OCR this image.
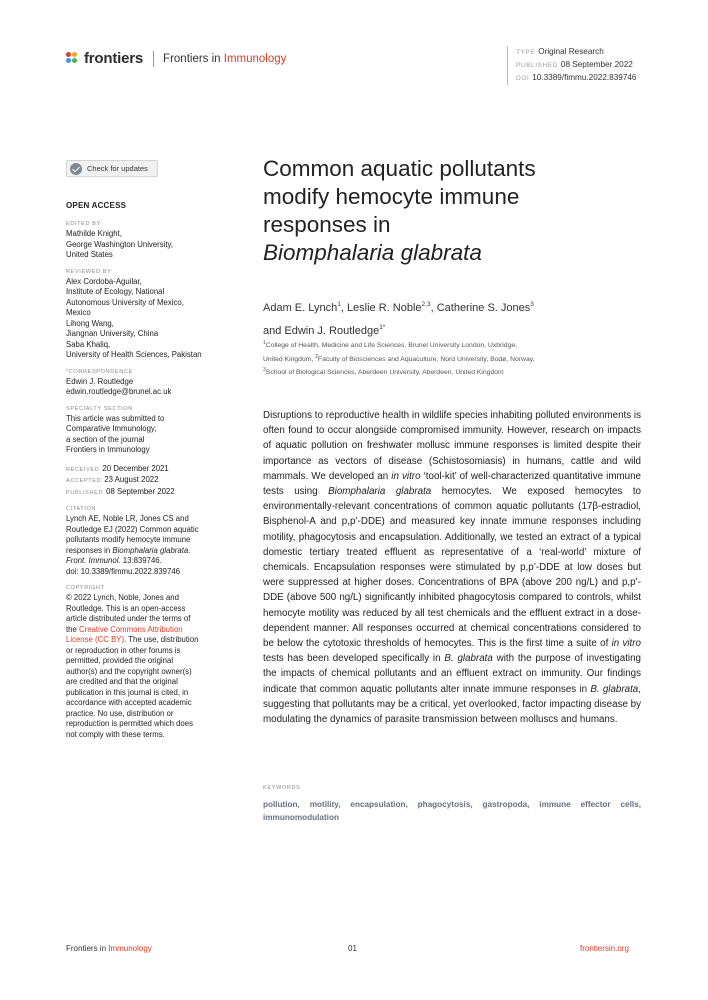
frontiers Frontiers in Immunology	TYPE Original Research
PUBLISHED 08 September 2022
DOI 10.3389/fimmu.2022.839746
Check for updates
OPEN ACCESS
EDITED BY
Mathilde Knight,
George Washington University,
United States
REVIEWED BY
Alex Cordoba-Aguilar,
Institute of Ecology, National
Autonomous University of Mexico,
Mexico
Lihong Wang,
Jiangnan University, China
Saba Khaliq,
University of Health Sciences, Pakistan
*CORRESPONDENCE
Edwin J. Routledge
edwin.routledge@brunel.ac.uk
SPECIALTY SECTION
This article was submitted to
Comparative Immunology,
a section of the journal
Frontiers in Immunology
RECEIVED 20 December 2021
ACCEPTED 23 August 2022
PUBLISHED 08 September 2022
CITATION
Lynch AE, Noble LR, Jones CS and
Routledge EJ (2022) Common aquatic
pollutants modify hemocyte immune
responses in Biomphalaria glabrata.
Front. Immunol. 13:839746.
doi: 10.3389/fimmu.2022.839746
COPYRIGHT
© 2022 Lynch, Noble, Jones and
Routledge. This is an open-access
article distributed under the terms of
the Creative Commons Attribution
License (CC BY). The use, distribution
or reproduction in other forums is
permitted, provided the original
author(s) and the copyright owner(s)
are credited and that the original
publication in this journal is cited, in
accordance with accepted academic
practice. No use, distribution or
reproduction is permitted which does
not comply with these terms.
Common aquatic pollutants
modify hemocyte immune
responses in
Biomphalaria glabrata
Adam E. Lynch$^1$, Leslie R. Noble$^{2,3}$, Catherine S. Jones$^3$
and Edwin J. Routledge$^{1*}$
$^1$College of Health, Medicine and Life Sciences, Brunel University London, Uxbridge,
United Kingdom, $^2$Faculty of Biosciences and Aquaculture, Nord University, Bodø, Norway,
$^3$School of Biological Sciences, Aberdeen University, Aberdeen, United Kingdom

Disruptions to reproductive health in wildlife species inhabiting polluted environments is often found to occur alongside compromised immunity. However, research on impacts of aquatic pollution on freshwater mollusc immune responses is limited despite their importance as vectors of disease (Schistosomiasis) in humans, cattle and wild mammals. We developed an in vitro ‘tool-kit’ of well-characterized quantitative immune tests using Biomphalaria glabrata hemocytes. We exposed hemocytes to environmentally-relevant concentrations of common aquatic pollutants (17β-estradiol, Bisphenol-A and p,p’-DDE) and measured key innate immune responses including motility, phagocytosis and encapsulation. Additionally, we tested an extract of a typical domestic tertiary treated effluent as representative of a ‘real-world’ mixture of chemicals. Encapsulation responses were stimulated by p,p’-DDE at low doses but were suppressed at higher doses. Concentrations of BPA (above 200 ng/L) and p,p’-DDE (above 500 ng/L) significantly inhibited phagocytosis compared to controls, whilst hemocyte motility was reduced by all test chemicals and the effluent extract in a dose-dependent manner. All responses occurred at chemical concentrations considered to be below the cytotoxic thresholds of hemocytes. This is the first time a suite of in vitro tests has been developed specifically in B. glabrata with the purpose of investigating the impacts of chemical pollutants and an effluent extract on immunity. Our findings indicate that common aquatic pollutants alter innate immune responses in B. glabrata, suggesting that pollutants may be a critical, yet overlooked, factor impacting disease by modulating the dynamics of parasite transmission between molluscs and humans.

KEYWORDS
pollution, motility, encapsulation, phagocytosis, gastropoda, immune effector cells, immunomodulation
Frontiers in Immunology	01	frontiersin.org
